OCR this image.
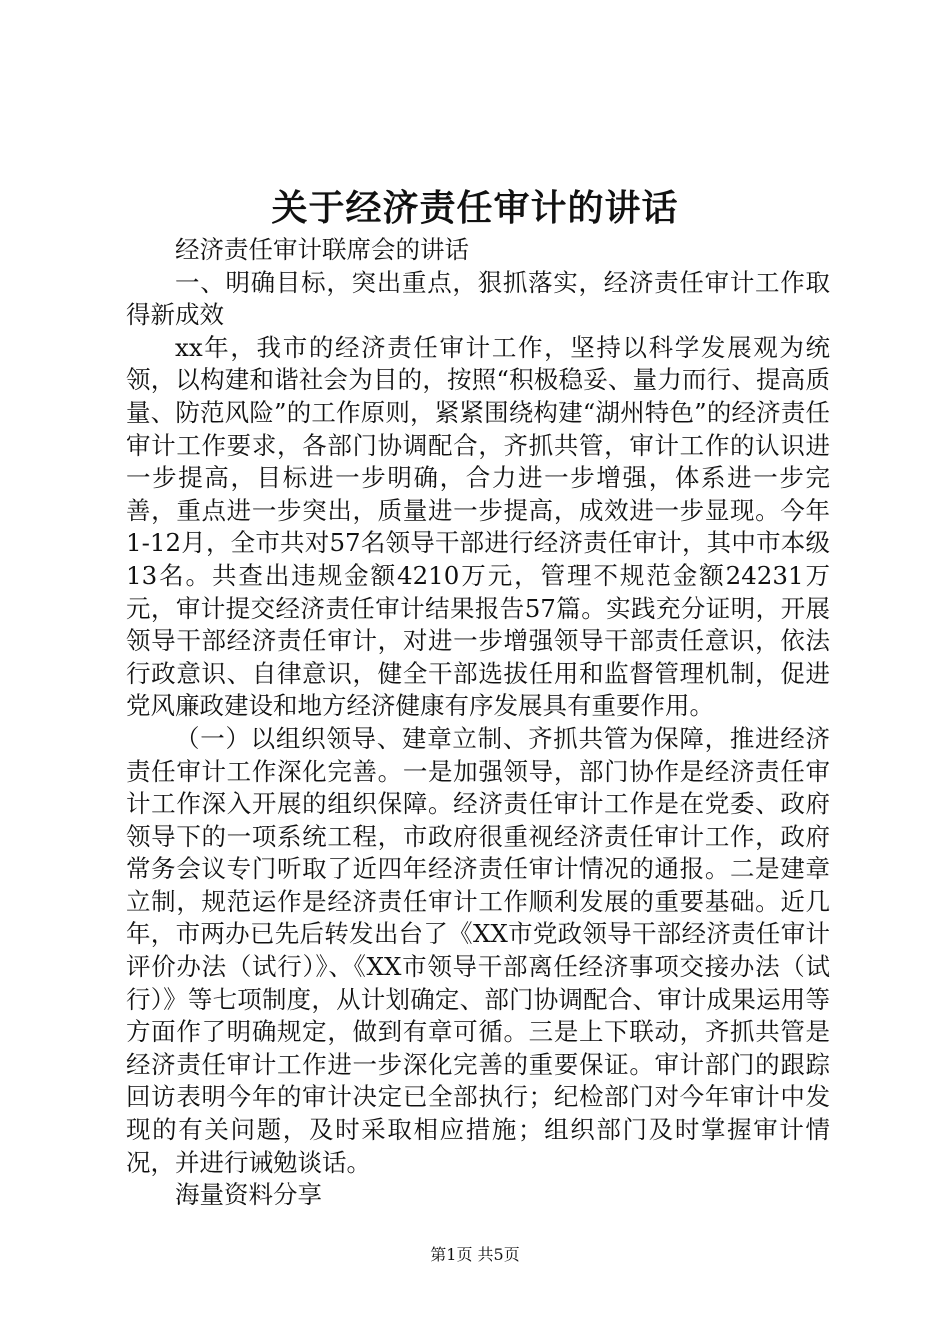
关于经济责任审计的讲话

经济责任审计联席会的讲话

一、明确目标，突出重点，狠抓落实，经济责任审计工作取得新成效

xx年，我市的经济责任审计工作，坚持以科学发展观为统领，以构建和谐社会为目的，按照“积极稳妥、量力而行、提高质量、防范风险”的工作原则，紧紧围绕构建“湖州特色”的经济责任审计工作要求，各部门协调配合，齐抓共管，审计工作的认识进一步提高，目标进一步明确，合力进一步增强，体系进一步完善，重点进一步突出，质量进一步提高，成效进一步显现。今年1-12月，全市共对57名领导干部进行经济责任审计，其中市本级13名。共查出违规金额4210万元，管理不规范金额24231万元，审计提交经济责任审计结果报告57篇。实践充分证明，开展领导干部经济责任审计，对进一步增强领导干部责任意识，依法行政意识、自律意识，健全干部选拔任用和监督管理机制，促进党风廉政建设和地方经济健康有序发展具有重要作用。

（一）以组织领导、建章立制、齐抓共管为保障，推进经济责任审计工作深化完善。一是加强领导，部门协作是经济责任审计工作深入开展的组织保障。经济责任审计工作是在党委、政府领导下的一项系统工程，市政府很重视经济责任审计工作，政府常务会议专门听取了近四年经济责任审计情况的通报。二是建章立制，规范运作是经济责任审计工作顺利发展的重要基础。近几年，市两办已先后转发出台了《XX市党政领导干部经济责任审计评价办法（试行）》、《XX市领导干部离任经济事项交接办法（试行）》等七项制度，从计划确定、部门协调配合、审计成果运用等方面作了明确规定，做到有章可循。三是上下联动，齐抓共管是经济责任审计工作进一步深化完善的重要保证。审计部门的跟踪回访表明今年的审计决定已全部执行；纪检部门对今年审计中发现的有关问题，及时采取相应措施；组织部门及时掌握审计情况，并进行诫勉谈话。

海量资料分享

第1页 共5页
